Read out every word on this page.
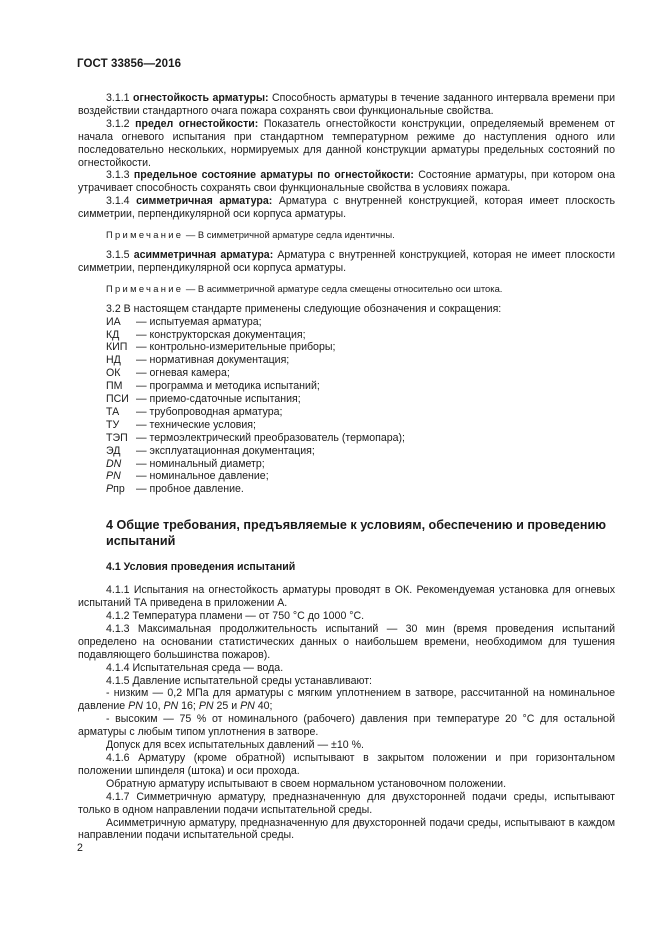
ГОСТ 33856—2016

3.1.1 огнестойкость арматуры: Способность арматуры в течение заданного интервала времени при воздействии стандартного очага пожара сохранять свои функциональные свойства.

3.1.2 предел огнестойкости: Показатель огнестойкости конструкции, определяемый временем от начала огневого испытания при стандартном температурном режиме до наступления одного или последовательно нескольких, нормируемых для данной конструкции арматуры предельных состояний по огнестойкости.

3.1.3 предельное состояние арматуры по огнестойкости: Состояние арматуры, при котором она утрачивает способность сохранять свои функциональные свойства в условиях пожара.

3.1.4 симметричная арматура: Арматура с внутренней конструкцией, которая имеет плоскость симметрии, перпендикулярной оси корпуса арматуры.

Примечание — В симметричной арматуре седла идентичны.

3.1.5 асимметричная арматура: Арматура с внутренней конструкцией, которая не имеет плоскости симметрии, перпендикулярной оси корпуса арматуры.

Примечание — В асимметричной арматуре седла смещены относительно оси штока.

3.2 В настоящем стандарте применены следующие обозначения и сокращения:

ИА	— испытуемая арматура;
КД	— конструкторская документация;
КИП — контрольно-измерительные приборы;
НД	— нормативная документация;
ОК	— огневая камера;
ПМ	— программа и методика испытаний;
ПСИ — приемо-сдаточные испытания;
ТА	— трубопроводная арматура;
ТУ	— технические условия;
ТЭП — термоэлектрический преобразователь (термопара);
ЭД	— эксплуатационная документация;
DN	— номинальный диаметр;
PN	— номинальное давление;
Pпр	— пробное давление.
4 Общие требования, предъявляемые к условиям, обеспечению и проведению испытаний
4.1 Условия проведения испытаний

4.1.1 Испытания на огнестойкость арматуры проводят в ОК. Рекомендуемая установка для огневых испытаний ТА приведена в приложении А.

4.1.2 Температура пламени — от 750 °С до 1000 °С.

4.1.3 Максимальная продолжительность испытаний — 30 мин (время проведения испытаний определено на основании статистических данных о наибольшем времени, необходимом для тушения подавляющего большинства пожаров).

4.1.4 Испытательная среда — вода.

4.1.5 Давление испытательной среды устанавливают:

- низким — 0,2 МПа для арматуры с мягким уплотнением в затворе, рассчитанной на номинальное давление PN 10, PN 16; PN 25 и PN 40;

- высоким — 75 % от номинального (рабочего) давления при температуре 20 °С для остальной арматуры с любым типом уплотнения в затворе.

Допуск для всех испытательных давлений — ±10 %.

4.1.6 Арматуру (кроме обратной) испытывают в закрытом положении и при горизонтальном положении шпинделя (штока) и оси прохода.

Обратную арматуру испытывают в своем нормальном установочном положении.

4.1.7 Симметричную арматуру, предназначенную для двухсторонней подачи среды, испытывают только в одном направлении подачи испытательной среды.

Асимметричную арматуру, предназначенную для двухсторонней подачи среды, испытывают в каждом направлении подачи испытательной среды.

2
